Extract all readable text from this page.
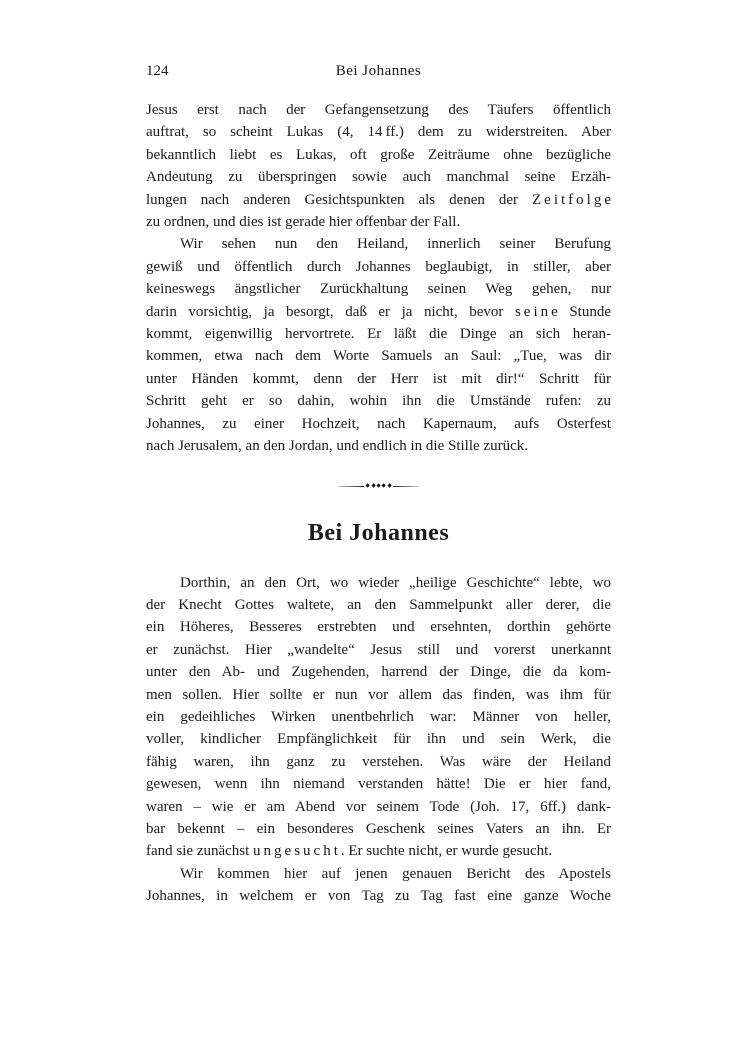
124	Bei Johannes
Jesus erst nach der Gefangensetzung des Täufers öffentlich
auftrat, so scheint Lukas (4, 14 ff.) dem zu widerstreiten. Aber
bekanntlich liebt es Lukas, oft große Zeiträume ohne bezügliche
Andeutung zu überspringen sowie auch manchmal seine Erzäh-
lungen nach anderen Gesichtspunkten als denen der Z e i t f o l g e
zu ordnen, und dies ist gerade hier offenbar der Fall.
Wir sehen nun den Heiland, innerlich seiner Berufung
gewiß und öffentlich durch Johannes beglaubigt, in stiller, aber
keineswegs ängstlicher Zurückhaltung seinen Weg gehen, nur
darin vorsichtig, ja besorgt, daß er ja nicht, bevor s e i n e Stunde
kommt, eigenwillig hervortrete. Er läßt die Dinge an sich heran-
kommen, etwa nach dem Worte Samuels an Saul: „Tue, was dir
unter Händen kommt, denn der Herr ist mit dir!“ Schritt für
Schritt geht er so dahin, wohin ihn die Umstände rufen: zu
Johannes, zu einer Hochzeit, nach Kapernaum, aufs Osterfest
nach Jerusalem, an den Jordan, und endlich in die Stille zurück.
Bei Johannes
Dorthin, an den Ort, wo wieder „heilige Geschichte“ lebte, wo
der Knecht Gottes waltete, an den Sammelpunkt aller derer, die
ein Höheres, Besseres erstrebten und ersehnten, dorthin gehörte
er zunächst. Hier „wandelte“ Jesus still und vorerst unerkannt
unter den Ab- und Zugehenden, harrend der Dinge, die da kom-
men sollen. Hier sollte er nun vor allem das finden, was ihm für
ein gedeihliches Wirken unentbehrlich war: Männer von heller,
voller, kindlicher Empfänglichkeit für ihn und sein Werk, die
fähig waren, ihn ganz zu verstehen. Was wäre der Heiland
gewesen, wenn ihn niemand verstanden hätte! Die er hier fand,
waren – wie er am Abend vor seinem Tode (Joh. 17, 6ff.) dank-
bar bekennt – ein besonderes Geschenk seines Vaters an ihn. Er
fand sie zunächst u n g e s u c h t . Er suchte nicht, er wurde gesucht.
Wir kommen hier auf jenen genauen Bericht des Apostels
Johannes, in welchem er von Tag zu Tag fast eine ganze Woche
